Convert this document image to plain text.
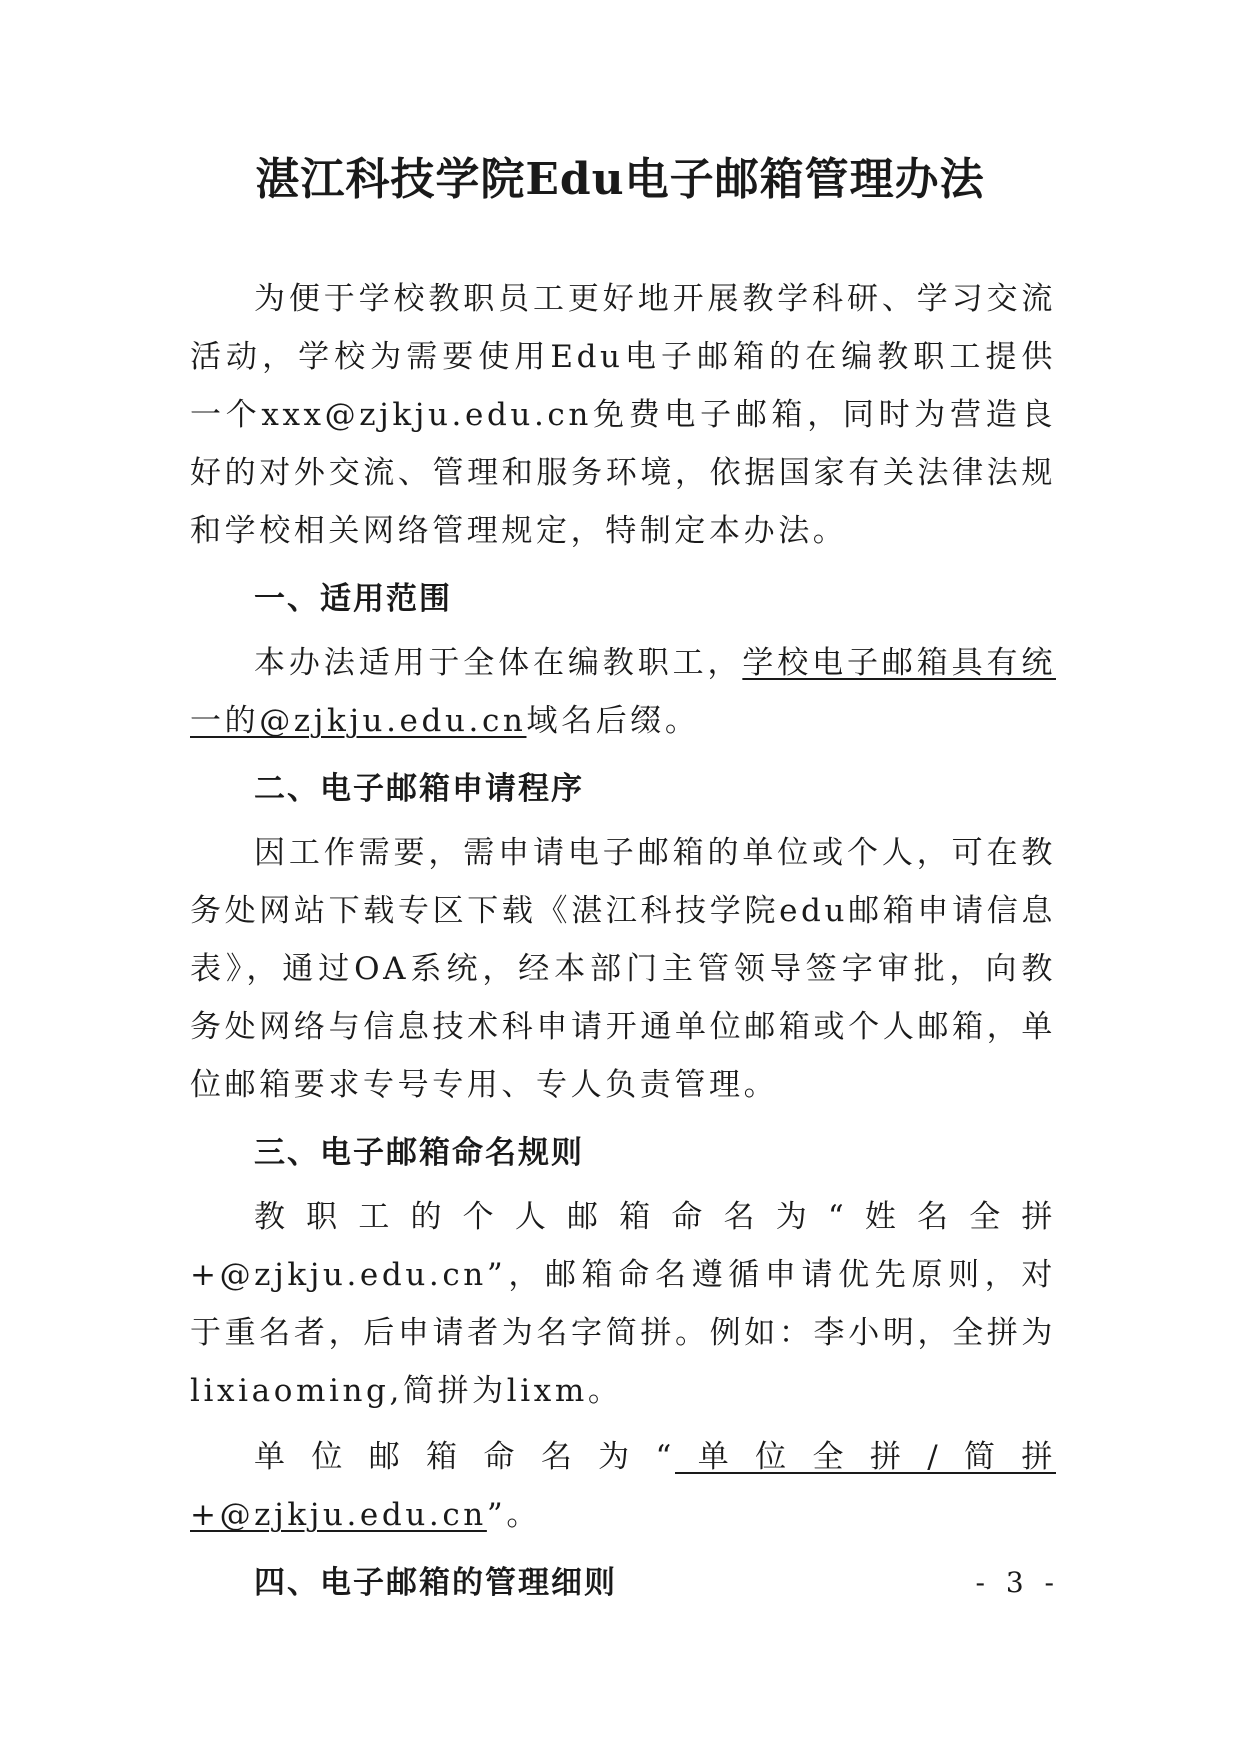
湛江科技学院Edu电子邮箱管理办法

为便于学校教职员工更好地开展教学科研、学习交流活动，学校为需要使用Edu电子邮箱的在编教职工提供一个xxx@zjkju.edu.cn免费电子邮箱，同时为营造良好的对外交流、管理和服务环境，依据国家有关法律法规和学校相关网络管理规定，特制定本办法。

一、适用范围

本办法适用于全体在编教职工，学校电子邮箱具有统一的@zjkju.edu.cn域名后缀。

二、电子邮箱申请程序

因工作需要，需申请电子邮箱的单位或个人，可在教务处网站下载专区下载《湛江科技学院edu邮箱申请信息表》，通过OA系统，经本部门主管领导签字审批，向教务处网络与信息技术科申请开通单位邮箱或个人邮箱，单位邮箱要求专号专用、专人负责管理。

三、电子邮箱命名规则

教职工的个人邮箱命名为“姓名全拼+@zjkju.edu.cn”，邮箱命名遵循申请优先原则，对于重名者，后申请者为名字简拼。例如：李小明，全拼为lixiaoming,简拼为lixm。

单位邮箱命名为“单位全拼/简拼+@zjkju.edu.cn”。

四、电子邮箱的管理细则	- 3 -
